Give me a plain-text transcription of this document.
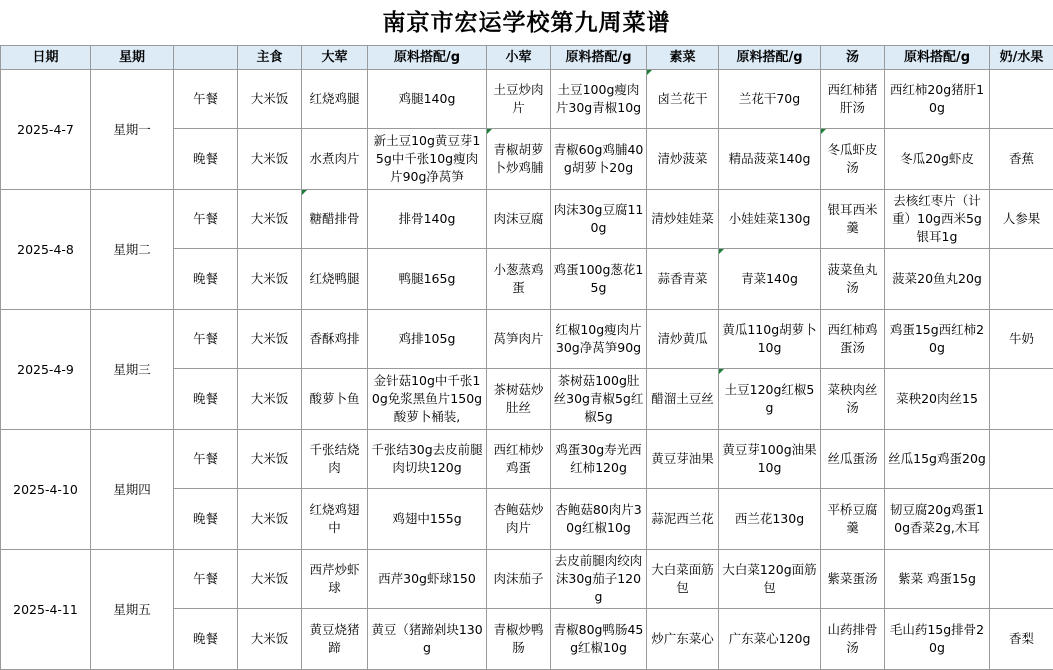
南京市宏运学校第九周菜谱
日期	星期		主食	大荤	原料搭配/g	小荤	原料搭配/g	素菜	原料搭配/g	汤	原料搭配/g	奶/水果
2025-4-7	星期一	午餐	大米饭	红烧鸡腿	鸡腿140g	土豆炒肉片	土豆100g瘦肉片30g青椒10g	卤兰花干	兰花干70g	西红柿猪肝汤	西红柿20g猪肝10g	
		晚餐	大米饭	水煮肉片	新土豆10g黄豆芽15g中千张10g瘦肉片90g净莴笋	青椒胡萝卜炒鸡脯	青椒60g鸡脯40g胡萝卜20g	清炒菠菜	精品菠菜140g	冬瓜虾皮汤	冬瓜20g虾皮	香蕉
2025-4-8	星期二	午餐	大米饭	糖醋排骨	排骨140g	肉沫豆腐	肉沫30g豆腐110g	清炒娃娃菜	小娃娃菜130g	银耳西米羹	去核红枣片（计重）10g西米5g银耳1g	人参果
		晚餐	大米饭	红烧鸭腿	鸭腿165g	小葱蒸鸡蛋	鸡蛋100g葱花15g	蒜香青菜	青菜140g	菠菜鱼丸汤	菠菜20鱼丸20g	
2025-4-9	星期三	午餐	大米饭	香酥鸡排	鸡排105g	莴笋肉片	红椒10g瘦肉片30g净莴笋90g	清炒黄瓜	黄瓜110g胡萝卜10g	西红柿鸡蛋汤	鸡蛋15g西红柿20g	牛奶
		晚餐	大米饭	酸萝卜鱼	金针菇10g中千张10g免浆黑鱼片150g酸萝卜桶装,	茶树菇炒肚丝	茶树菇100g肚丝30g青椒5g红椒5g	醋溜土豆丝	土豆120g红椒5g	菜秧肉丝汤	菜秧20肉丝15	
2025-4-10	星期四	午餐	大米饭	千张结烧肉	千张结30g去皮前腿肉切块120g	西红柿炒鸡蛋	鸡蛋30g寿光西红柿120g	黄豆芽油果	黄豆芽100g油果10g	丝瓜蛋汤	丝瓜15g鸡蛋20g	
		晚餐	大米饭	红烧鸡翅中	鸡翅中155g	杏鲍菇炒肉片	杏鲍菇80肉片30g红椒10g	蒜泥西兰花	西兰花130g	平桥豆腐羹	韧豆腐20g鸡蛋10g香菜2g,木耳	
2025-4-11	星期五	午餐	大米饭	西芹炒虾球	西芹30g虾球150	肉沫茄子	去皮前腿肉绞肉沫30g茄子120g	大白菜面筋包	大白菜120g面筋包	紫菜蛋汤	紫菜 鸡蛋15g	
		晚餐	大米饭	黄豆烧猪蹄	黄豆（猪蹄剁块130g	青椒炒鸭肠	青椒80g鸭肠45g红椒10g	炒广东菜心	广东菜心120g	山药排骨汤	毛山药15g排骨20g	香梨
